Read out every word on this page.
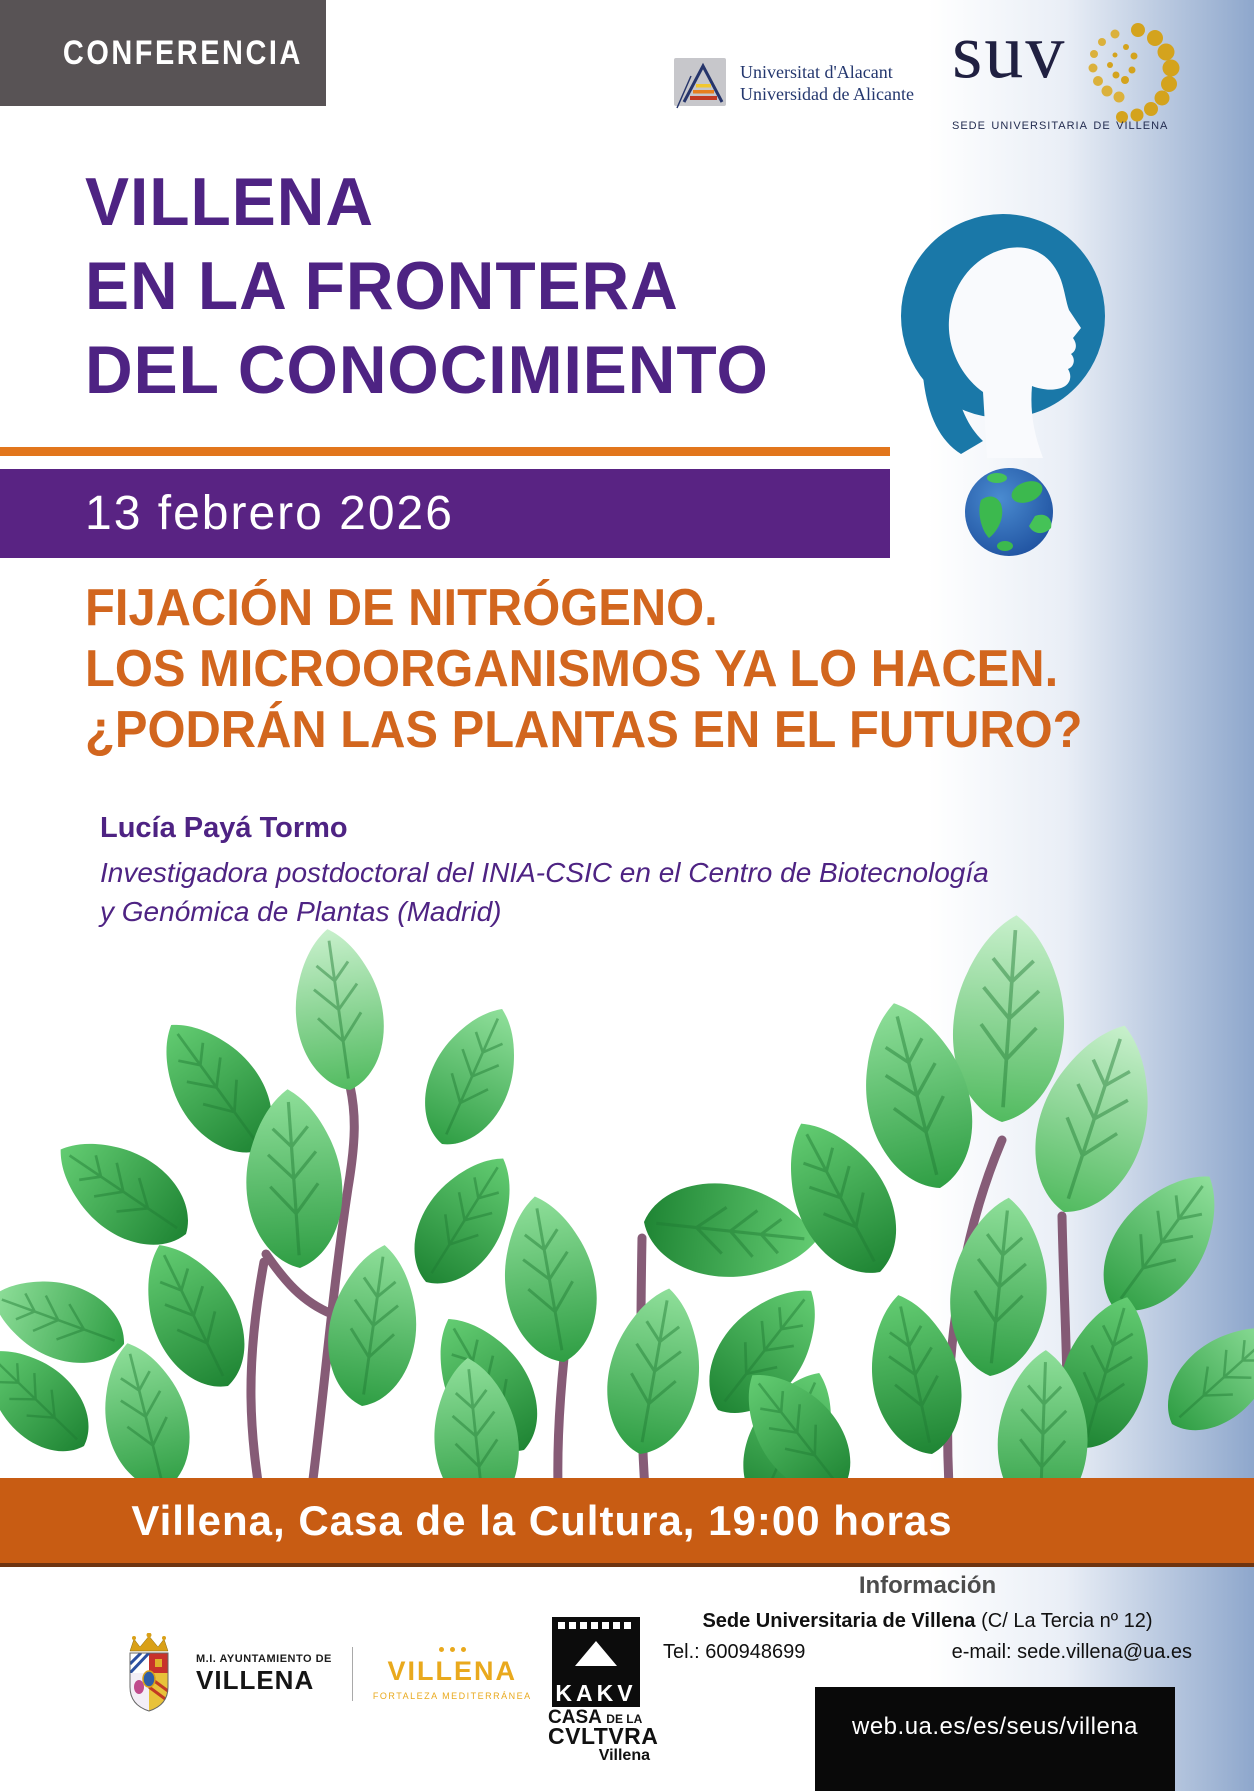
CONFERENCIA	Universitat d'Alacant
Universidad de Alicante suv
sede universitaria de villena
VILLENA
EN LA FRONTERA
DEL CONOCIMIENTO
13 febrero 2026
FIJACIÓN DE NITRÓGENO.
LOS MICROORGANISMOS YA LO HACEN.
¿PODRÁN LAS PLANTAS EN EL FUTURO?
Lucía Payá Tormo
Investigadora postdoctoral del INIA-CSIC en el Centro de Biotecnología
y Genómica de Plantas (Madrid)
Villena, Casa de la Cultura, 19:00 horas
M.I. AYUNTAMIENTO DE
VILLENA	VILLENA
FORTALEZA MEDITERRÁNEA KAKV
CASA DE LA
CVLTVRA
Villena
Información
Sede Universitaria de Villena (C/ La Tercia nº 12)
Tel.: 600948699	e-mail: sede.villena@ua.es
web.ua.es/es/seus/villena
